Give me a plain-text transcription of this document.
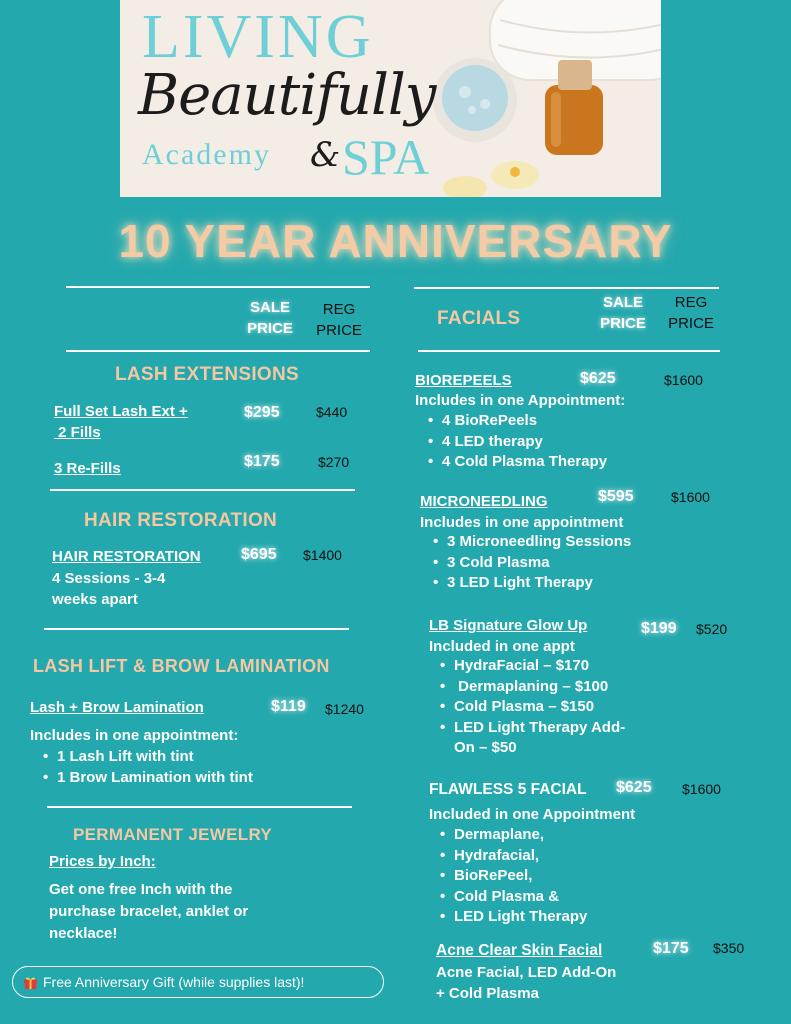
LIVING
Beautifully
Academy & SPA
10 YEAR ANNIVERSARY
SALE
PRICE
REG
PRICE
LASH EXTENSIONS
Full Set Lash Ext +
2 Fills
$295	$440
3 Re-Fills	$175	$270
HAIR RESTORATION
HAIR RESTORATION	$695 $1400
4 Sessions - 3-4
weeks apart
LASH LIFT & BROW LAMINATION
Lash + Brow Lamination	$119 $1240
Includes in one appointment:
• 1 Lash Lift with tint
• 1 Brow Lamination with tint
PERMANENT JEWELRY
Prices by Inch:
Get one free Inch with the
purchase bracelet, anklet or
necklace!
Free Anniversary Gift (while supplies last)!
FACIALS
SALE
PRICE
REG
PRICE
BIOREPEELS	$625	$1600
Includes in one Appointment:
• 4 BioRePeels
• 4 LED therapy
• 4 Cold Plasma Therapy
MICRONEEDLING	$595	$1600
Includes in one appointment
• 3 Microneedling Sessions
• 3 Cold Plasma
• 3 LED Light Therapy
LB Signature Glow Up	$199 $520
Included in one appt
• HydraFacial – $170
•  Dermaplaning – $100
• Cold Plasma – $150
• LED Light Therapy Add-
On – $50
FLAWLESS 5 FACIAL $625 $1600
Included in one Appointment
• Dermaplane,
• Hydrafacial,
• BioRePeel,
• Cold Plasma &
• LED Light Therapy
Acne Clear Skin Facial	$175 $350
Acne Facial, LED Add-On
+ Cold Plasma
